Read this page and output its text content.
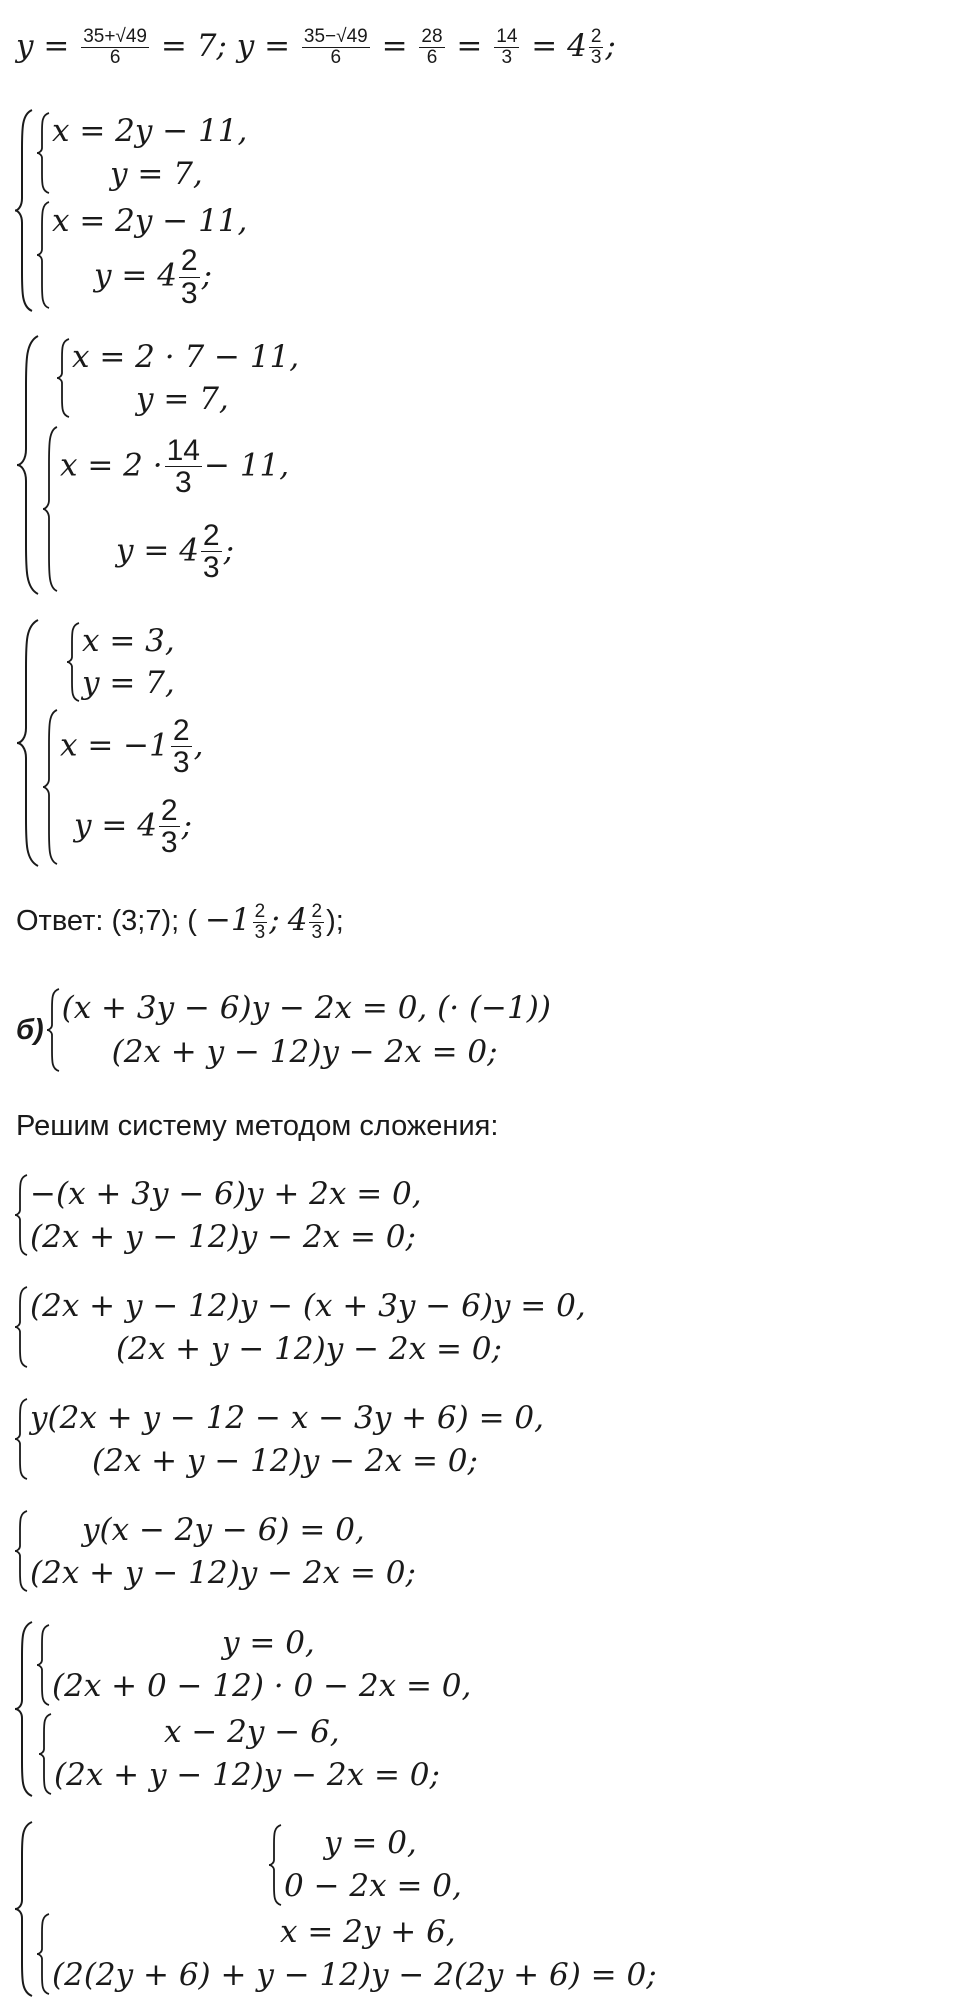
$y = \frac{35+√49}{6} = 7$; $y = \frac{35-√49}{6} = \frac{28}{6} = \frac{14}{3} = 4 \frac{2}{3}$ ;
x = 2y − 11,
y = 7,
x = 2y − 11,
$y = 4 \frac{2}{3}$ ;
x = 2 · 7 − 11,
y = 7,
$x = 2 \cdot \frac{14}{3} - 11$,
$y = 4 \frac{2}{3}$ ;
x = 3,
y = 7,
$x = -1 \frac{2}{3}$ ,
$y = 4 \frac{2}{3}$ ;
Ответ: (3;7); ( $-1 \frac{2}{3}$ ; $4 \frac{2}{3}$ );
б)
(x + 3y − 6)y − 2x = 0, (· (−1))
(2x + y − 12)y − 2x = 0;
Решим систему методом сложения:
−(x + 3y − 6)y + 2x = 0,
(2x + y − 12)y − 2x = 0;
(2x + y − 12)y − (x + 3y − 6)y = 0,
(2x + y − 12)y − 2x = 0;
y(2x + y − 12 − x − 3y + 6) = 0,
(2x + y − 12)y − 2x = 0;
y(x − 2y − 6) = 0,
(2x + y − 12)y − 2x = 0;
y = 0,
(2x + 0 − 12) · 0 − 2x = 0,
x − 2y − 6,
(2x + y − 12)y − 2x = 0;
y = 0,
0 − 2x = 0,
x = 2y + 6,
(2(2y + 6) + y − 12)y − 2(2y + 6) = 0;
